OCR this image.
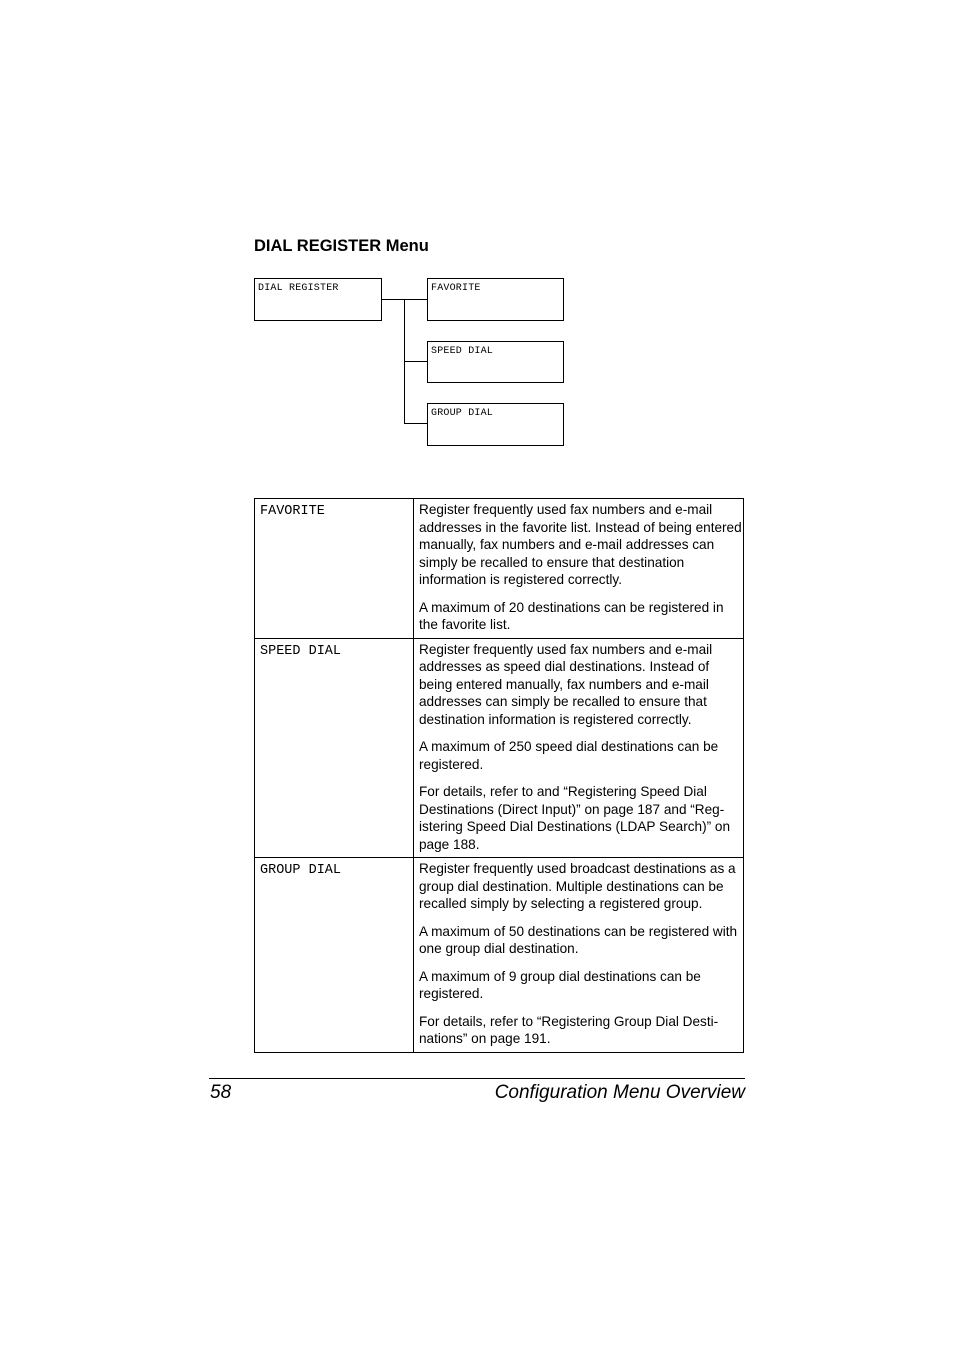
DIAL REGISTER Menu
DIAL REGISTER	FAVORITE
SPEED DIAL
GROUP DIAL
FAVORITE	Register frequently used fax numbers and e-mail addresses in the favorite list. Instead of being entered manually, fax numbers and e-mail addresses can simply be recalled to ensure that destination information is registered correctly.

A maximum of 20 destinations can be registered in the favorite list.

SPEED DIAL	Register frequently used fax numbers and e-mail addresses as speed dial destinations. Instead of being entered manually, fax numbers and e-mail addresses can simply be recalled to ensure that destination information is registered correctly.

A maximum of 250 speed dial destinations can be registered.

For details, refer to and “Registering Speed Dial Destinations (Direct Input)” on page 187 and “Reg-istering Speed Dial Destinations (LDAP Search)” on page 188.

GROUP DIAL	Register frequently used broadcast destinations as a group dial destination. Multiple destinations can be recalled simply by selecting a registered group.

A maximum of 50 destinations can be registered with one group dial destination.

A maximum of 9 group dial destinations can be registered.

For details, refer to “Registering Group Dial Desti-nations” on page 191.

58	Configuration Menu Overview
